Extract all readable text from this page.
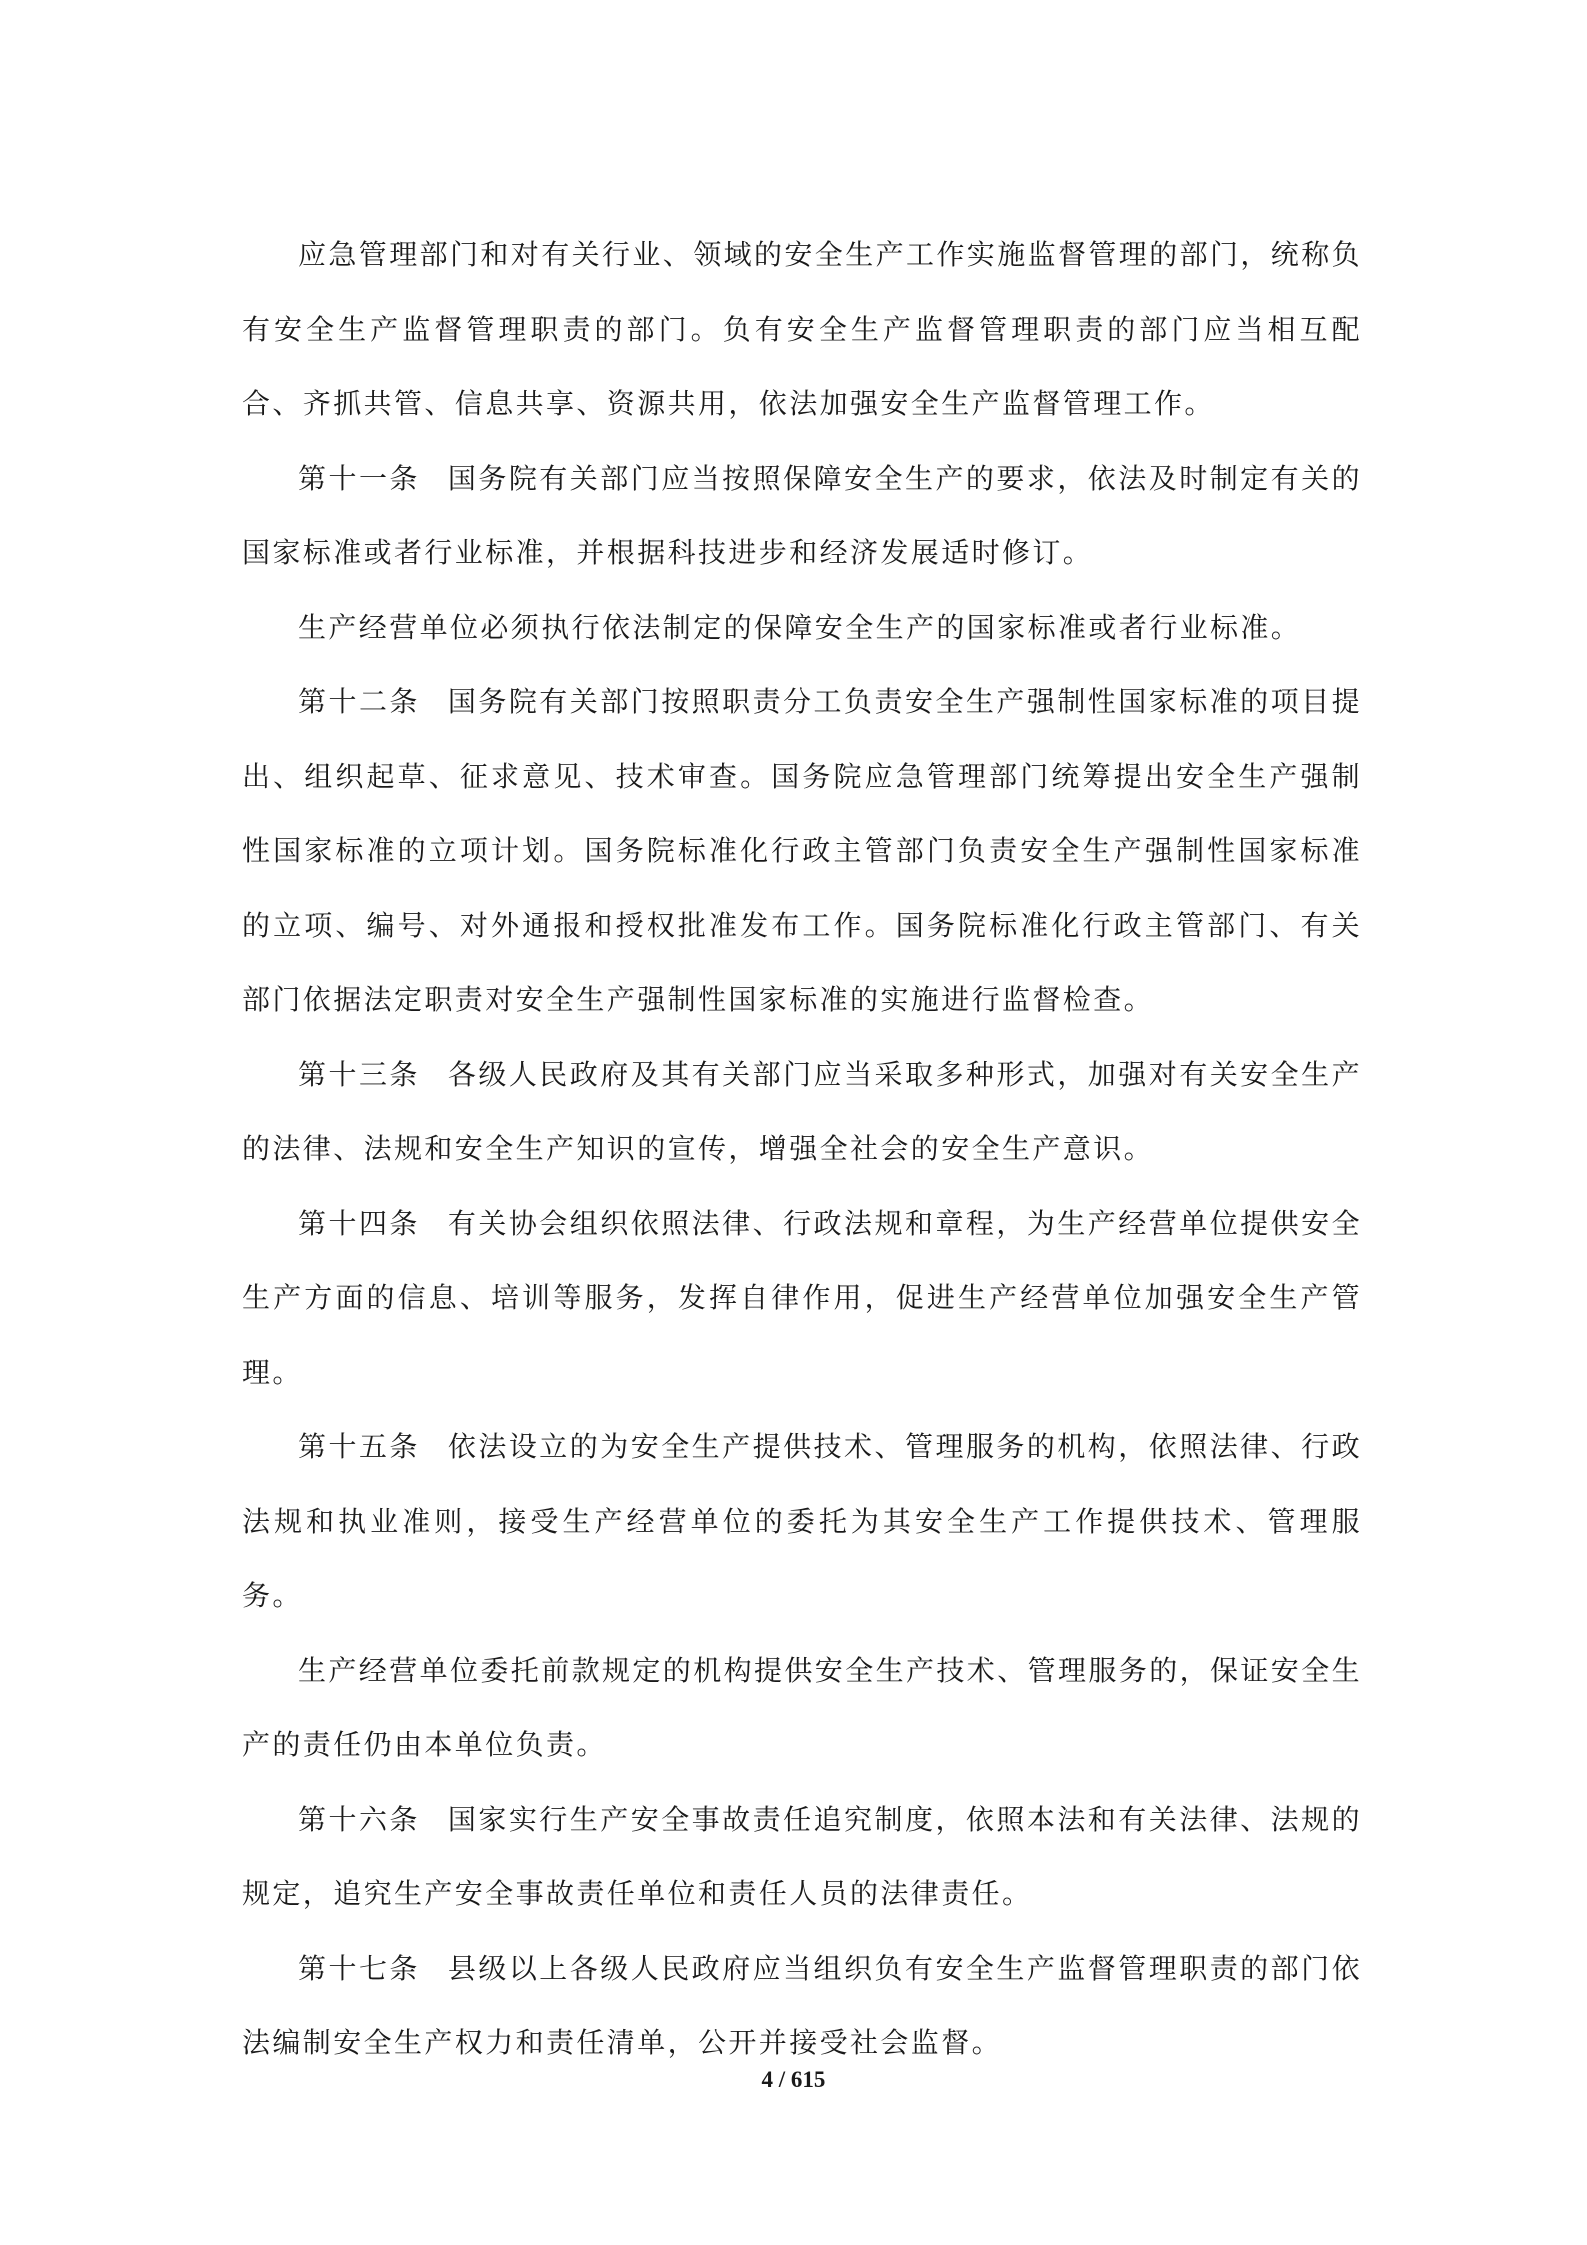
应急管理部门和对有关行业、领域的安全生产工作实施监督管理的部门，统称负有安全生产监督管理职责的部门。负有安全生产监督管理职责的部门应当相互配合、齐抓共管、信息共享、资源共用，依法加强安全生产监督管理工作。

第十一条 国务院有关部门应当按照保障安全生产的要求，依法及时制定有关的国家标准或者行业标准，并根据科技进步和经济发展适时修订。

生产经营单位必须执行依法制定的保障安全生产的国家标准或者行业标准。

第十二条 国务院有关部门按照职责分工负责安全生产强制性国家标准的项目提出、组织起草、征求意见、技术审查。国务院应急管理部门统筹提出安全生产强制性国家标准的立项计划。国务院标准化行政主管部门负责安全生产强制性国家标准的立项、编号、对外通报和授权批准发布工作。国务院标准化行政主管部门、有关部门依据法定职责对安全生产强制性国家标准的实施进行监督检查。

第十三条 各级人民政府及其有关部门应当采取多种形式，加强对有关安全生产的法律、法规和安全生产知识的宣传，增强全社会的安全生产意识。

第十四条 有关协会组织依照法律、行政法规和章程，为生产经营单位提供安全生产方面的信息、培训等服务，发挥自律作用，促进生产经营单位加强安全生产管理。

第十五条 依法设立的为安全生产提供技术、管理服务的机构，依照法律、行政法规和执业准则，接受生产经营单位的委托为其安全生产工作提供技术、管理服务。

生产经营单位委托前款规定的机构提供安全生产技术、管理服务的，保证安全生产的责任仍由本单位负责。

第十六条 国家实行生产安全事故责任追究制度，依照本法和有关法律、法规的规定，追究生产安全事故责任单位和责任人员的法律责任。

第十七条 县级以上各级人民政府应当组织负有安全生产监督管理职责的部门依法编制安全生产权力和责任清单，公开并接受社会监督。

4 / 615
